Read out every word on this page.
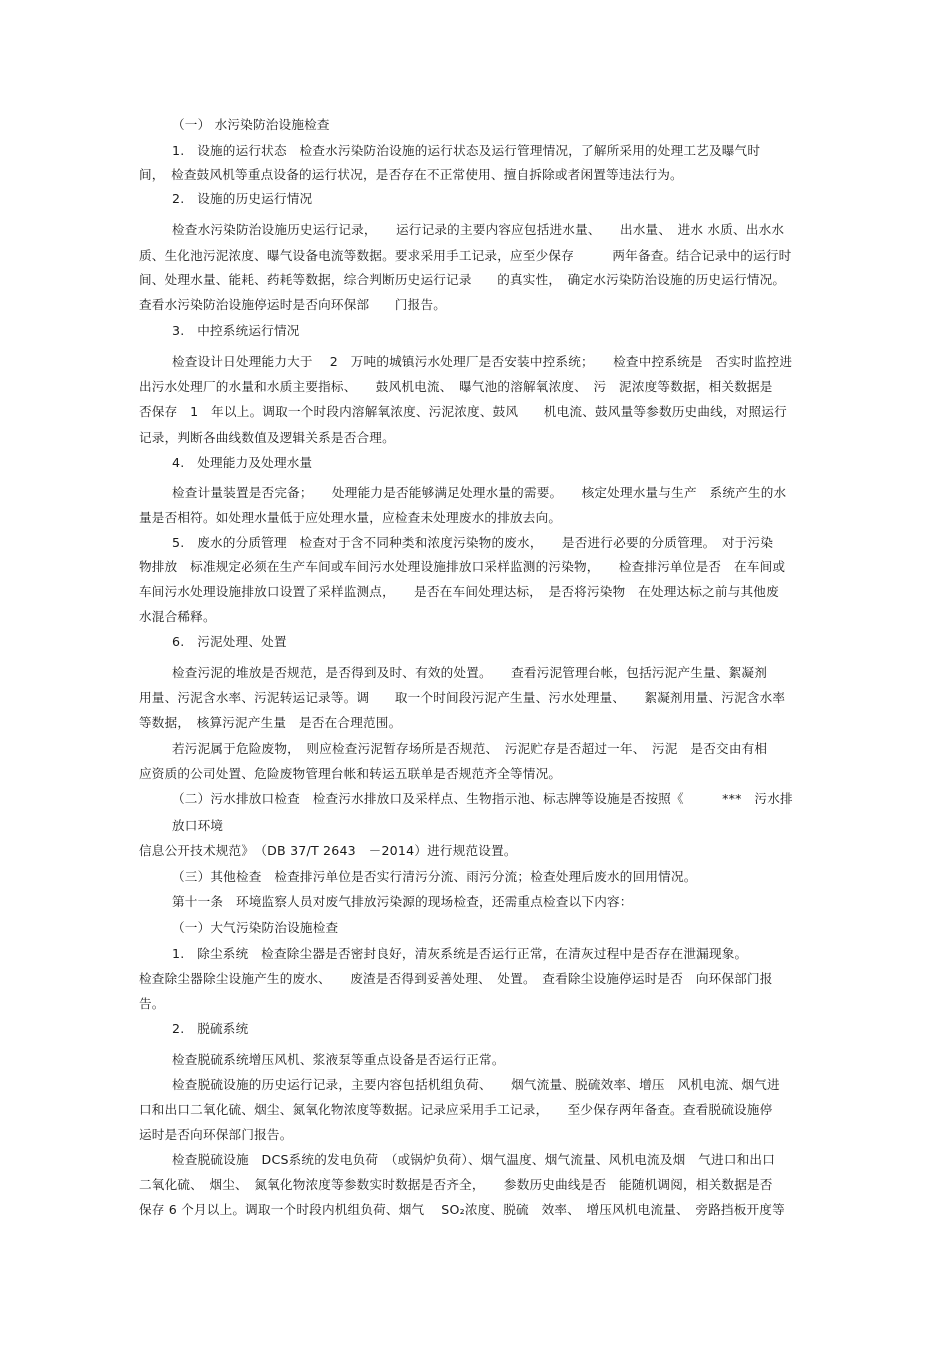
（一） 水污染防治设施检查
1.　设施的运行状态　检查水污染防治设施的运行状态及运行管理情况，了解所采用的处理工艺及曝气时
间，　检查鼓风机等重点设备的运行状况，是否存在不正常使用、擅自拆除或者闲置等违法行为。
2.　设施的历史运行情况
检查水污染防治设施历史运行记录，　　运行记录的主要内容应包括进水量、　　出水量、　进水 水质、出水水
质、生化池污泥浓度、曝气设备电流等数据。要求采用手工记录，应至少保存　　　两年备查。结合记录中的运行时
间、处理水量、能耗、药耗等数据，综合判断历史运行记录　　的真实性，　确定水污染防治设施的历史运行情况。
查看水污染防治设施停运时是否向环保部　　门报告。
3.　中控系统运行情况
检查设计日处理能力大于　 2　万吨的城镇污水处理厂是否安装中控系统；　　检查中控系统是　否实时监控进
出污水处理厂的水量和水质主要指标、　　鼓风机电流、　曝气池的溶解氧浓度、　污　泥浓度等数据，相关数据是
否保存　1　年以上。调取一个时段内溶解氧浓度、污泥浓度、鼓风　　机电流、鼓风量等参数历史曲线，对照运行
记录，判断各曲线数值及逻辑关系是否合理。
4.　处理能力及处理水量
检查计量装置是否完备；　　处理能力是否能够满足处理水量的需要。　　核定处理水量与生产　系统产生的水
量是否相符。如处理水量低于应处理水量，应检查未处理废水的排放去向。
5.　废水的分质管理　检查对于含不同种类和浓度污染物的废水，　　是否进行必要的分质管理。　对于污染
物排放　标准规定必须在生产车间或车间污水处理设施排放口采样监测的污染物，　　检查排污单位是否　在车间或
车间污水处理设施排放口设置了采样监测点，　　是否在车间处理达标，　是否将污染物　在处理达标之前与其他废
水混合稀释。
6.　污泥处理、处置
检查污泥的堆放是否规范，是否得到及时、有效的处置。　　查看污泥管理台帐，包括污泥产生量、絮凝剂
用量、污泥含水率、污泥转运记录等。调　　取一个时间段污泥产生量、污水处理量、　　絮凝剂用量、污泥含水率
等数据，　核算污泥产生量　是否在合理范围。
若污泥属于危险废物，　则应检查污泥暂存场所是否规范、　污泥贮存是否超过一年、　污泥　是否交由有相
应资质的公司处置、危险废物管理台帐和转运五联单是否规范齐全等情况。
（二）污水排放口检查　检查污水排放口及采样点、生物指示池、标志牌等设施是否按照《　　　***　污水排
放口环境
信息公开技术规范》　（DB 37/T 2643　－2014）进行规范设置。
（三）其他检查　检查排污单位是否实行清污分流、雨污分流；检查处理后废水的回用情况。
第十一条　环境监察人员对废气排放污染源的现场检查，还需重点检查以下内容：
（一）大气污染防治设施检查
1.　除尘系统　检查除尘器是否密封良好，清灰系统是否运行正常，在清灰过程中是否存在泄漏现象。
检查除尘器除尘设施产生的废水、　　废渣是否得到妥善处理、　处置。　查看除尘设施停运时是否　向环保部门报
告。
2.　脱硫系统
检查脱硫系统增压风机、浆液泵等重点设备是否运行正常。
检查脱硫设施的历史运行记录，主要内容包括机组负荷、　　烟气流量、脱硫效率、增压　风机电流、烟气进
口和出口二氧化硫、烟尘、氮氧化物浓度等数据。记录应采用手工记录，　　至少保存两年备查。查看脱硫设施停
运时是否向环保部门报告。
检查脱硫设施　DCS系统的发电负荷　（或锅炉负荷）、烟气温度、烟气流量、风机电流及烟　气进口和出口
二氧化硫、　烟尘、　氮氧化物浓度等参数实时数据是否齐全，　　参数历史曲线是否　能随机调阅，相关数据是否
保存 6 个月以上。调取一个时段内机组负荷、烟气　 SO₂浓度、脱硫　效率、　增压风机电流量、　旁路挡板开度等
